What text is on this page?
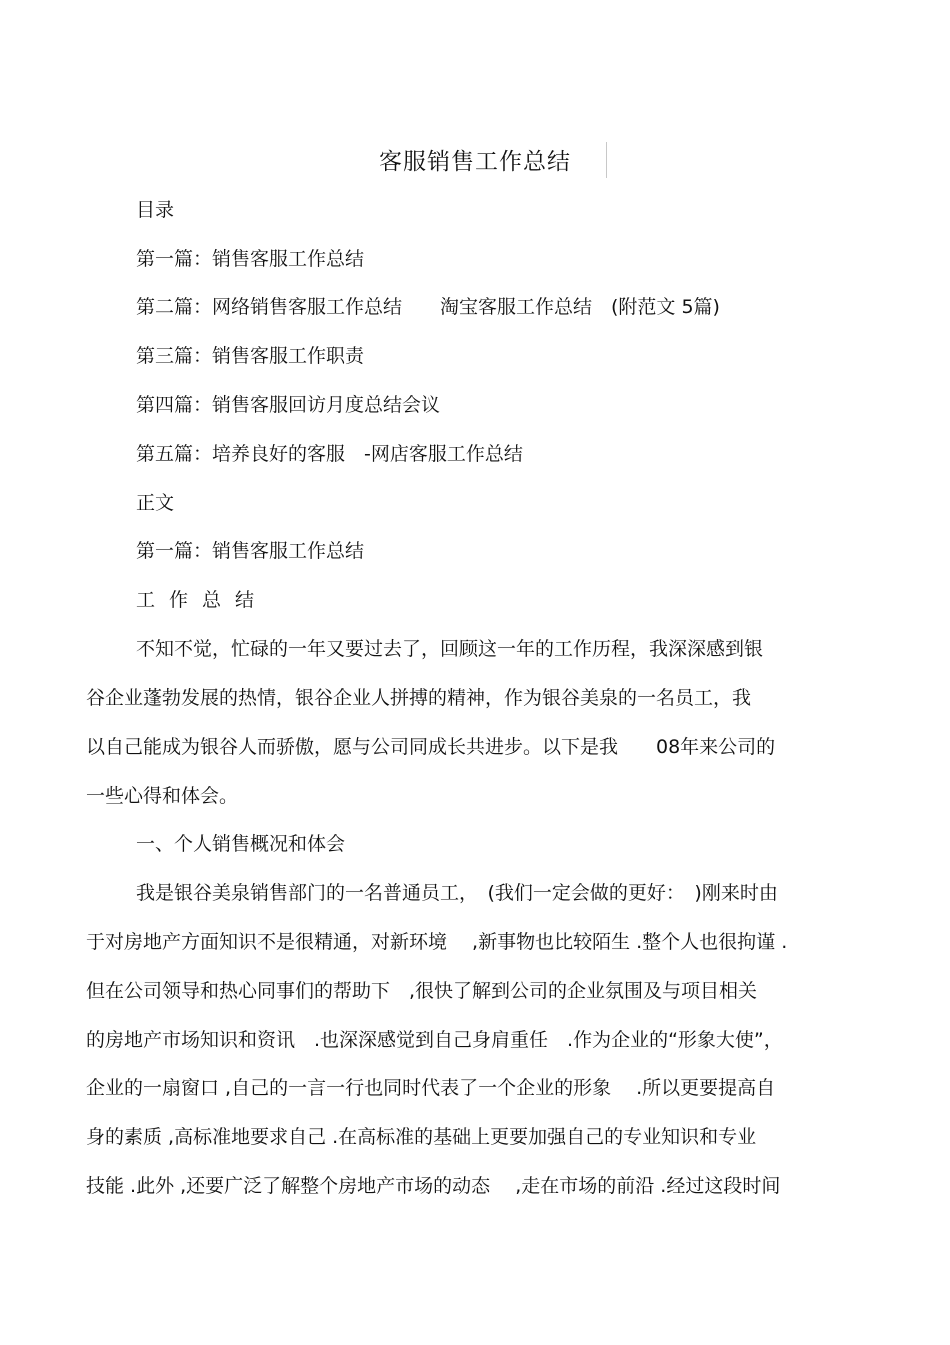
客服销售工作总结
目录
第一篇：销售客服工作总结
第二篇：网络销售客服工作总结　　淘宝客服工作总结　(附范文 5篇)
第三篇：销售客服工作职责
第四篇：销售客服回访月度总结会议
第五篇：培养良好的客服　-网店客服工作总结
正文
第一篇：销售客服工作总结
工作总结
不知不觉，忙碌的一年又要过去了，回顾这一年的工作历程，我深深感到银
谷企业蓬勃发展的热情，银谷企业人拼搏的精神，作为银谷美泉的一名员工，我
以自己能成为银谷人而骄傲，愿与公司同成长共进步。以下是我　　08年来公司的
一些心得和体会。
一、个人销售概况和体会
我是银谷美泉销售部门的一名普通员工，　(我们一定会做的更好：　)刚来时由
于对房地产方面知识不是很精通，对新环境　 ,新事物也比较陌生 .整个人也很拘谨 .
但在公司领导和热心同事们的帮助下　,很快了解到公司的企业氛围及与项目相关
的房地产市场知识和资讯　.也深深感觉到自己身肩重任　.作为企业的“形象大使”，
企业的一扇窗口 ,自己的一言一行也同时代表了一个企业的形象　 .所以更要提高自
身的素质 ,高标准地要求自己 .在高标准的基础上更要加强自己的专业知识和专业
技能 .此外 ,还要广泛了解整个房地产市场的动态　 ,走在市场的前沿 .经过这段时间
